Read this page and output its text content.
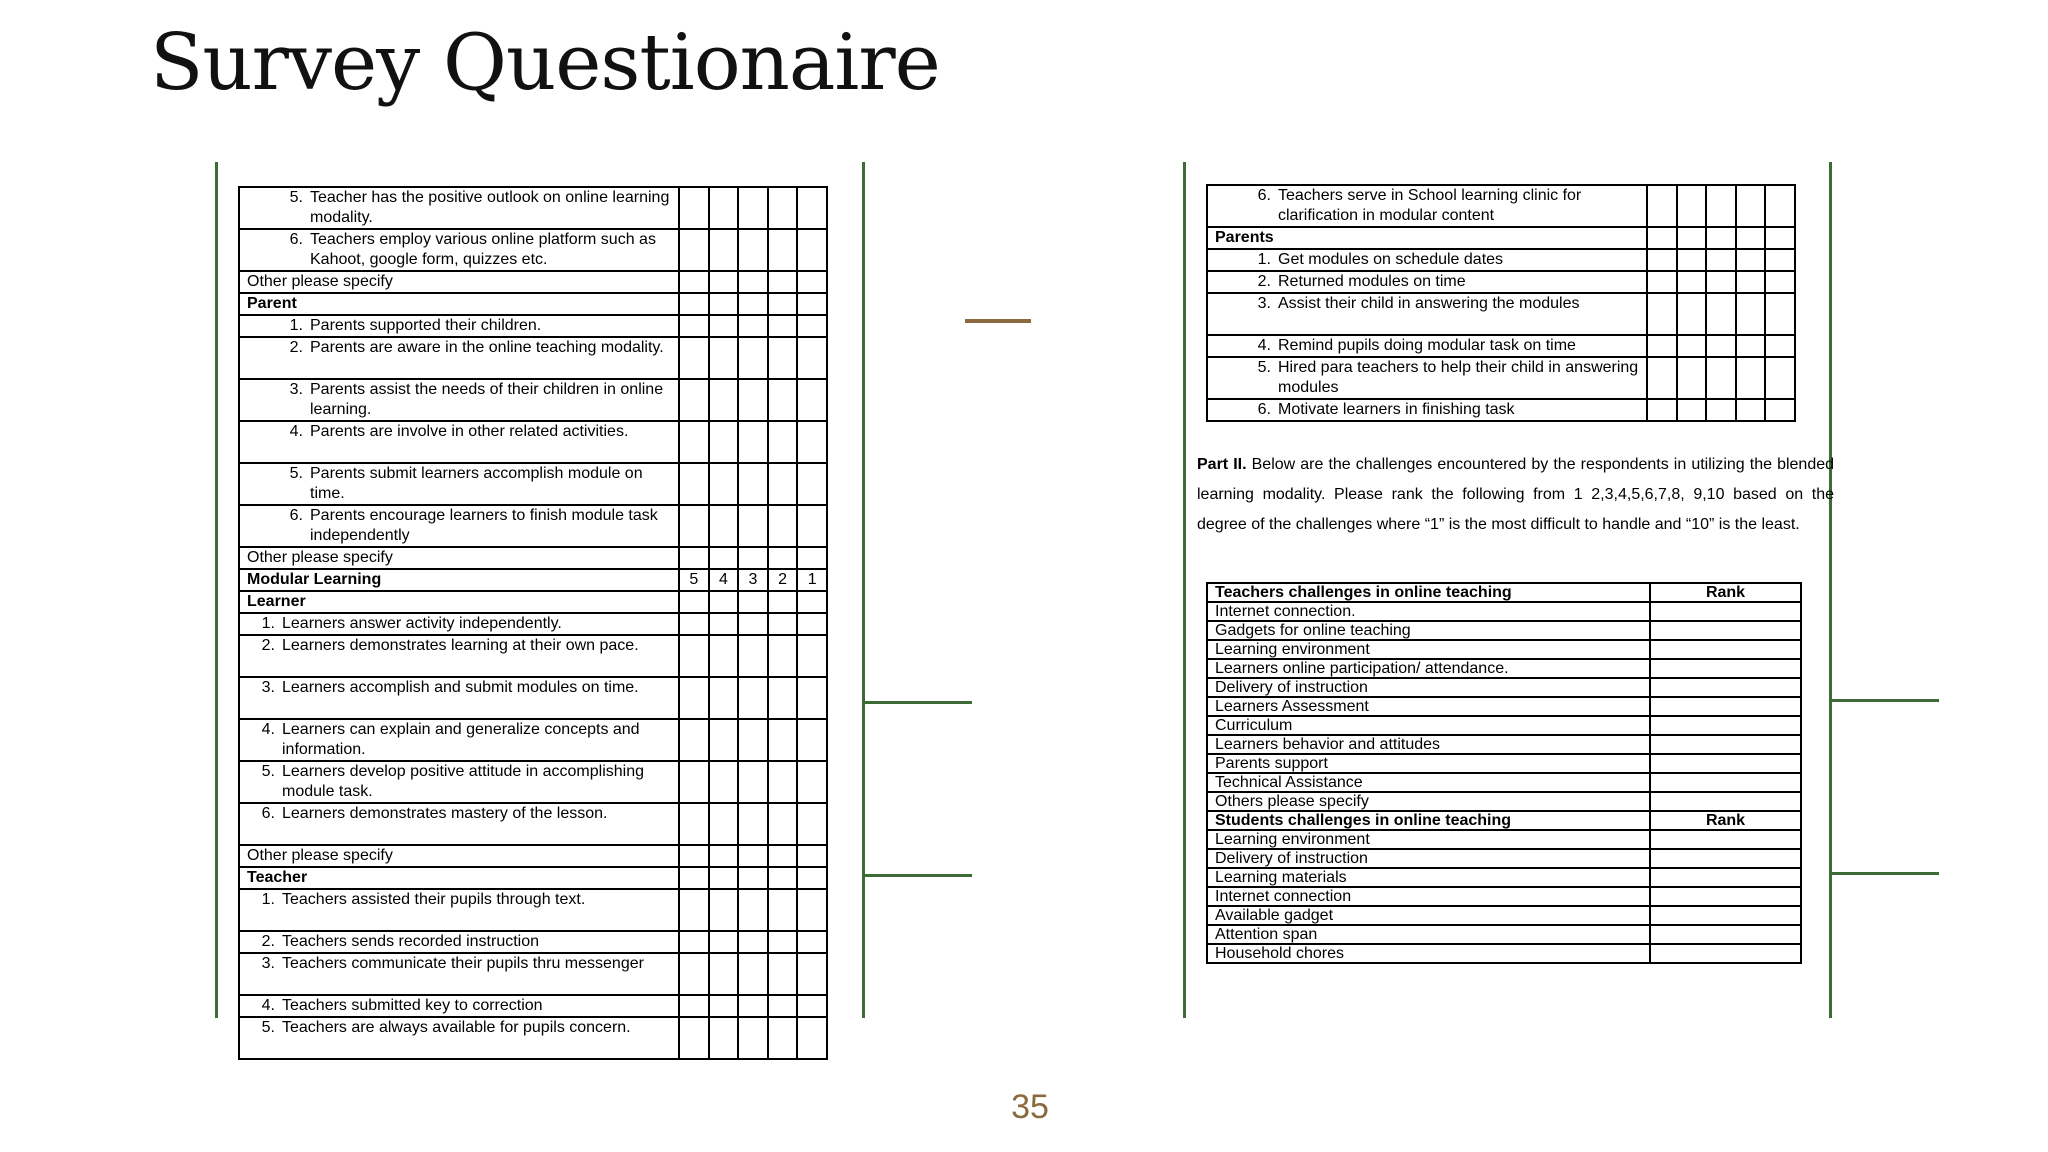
Survey Questionaire
5. Teacher has the positive outlook on online learning modality.					

6. Teachers employ various online platform such as Kahoot, google form, quizzes etc.					

Other please specify					
Parent					

1. Parents supported their children.					

2. Parents are aware in the online teaching modality.					

3. Parents assist the needs of their children in online learning.					

4. Parents are involve in other related activities.					

5. Parents submit learners accomplish module on time.					

6. Parents encourage learners to finish module task independently					

Other please specify					
Modular Learning	5	4	3	2	1
Learner					

1. Learners answer activity independently.					

2. Learners demonstrates learning at their own pace.					

3. Learners accomplish and submit modules on time.					

4. Learners can explain and generalize concepts and information.					

5. Learners develop positive attitude in accomplishing module task.					

6. Learners demonstrates mastery of the lesson.					

Other please specify					
Teacher					

1. Teachers assisted their pupils through text.					

2. Teachers sends recorded instruction					

3. Teachers communicate their pupils thru messenger					

4. Teachers submitted key to correction					

5. Teachers are always available for pupils concern.					

6. Teachers serve in School learning clinic for clarification in modular content					

Parents					

1. Get modules on schedule dates					

2. Returned modules on time					

3. Assist their child in answering the modules					

4. Remind pupils doing modular task on time					

5. Hired para teachers to help their child in answering modules					

6. Motivate learners in finishing task					

Part II. Below are the challenges encountered by the respondents in utilizing the blended learning modality. Please rank the following from 1 2,3,4,5,6,7,8, 9,10 based on the degree of the challenges where “1” is the most difficult to handle and “10” is the least.

Teachers challenges in online teaching	Rank
Internet connection.	
Gadgets for online teaching	
Learning environment	
Learners online participation/ attendance.	
Delivery of instruction	
Learners Assessment	
Curriculum	
Learners behavior and attitudes	
Parents support	
Technical Assistance	
Others please specify	
Students challenges in online teaching	Rank
Learning environment	
Delivery of instruction	
Learning materials	
Internet connection	
Available gadget	
Attention span	
Household chores	
35
